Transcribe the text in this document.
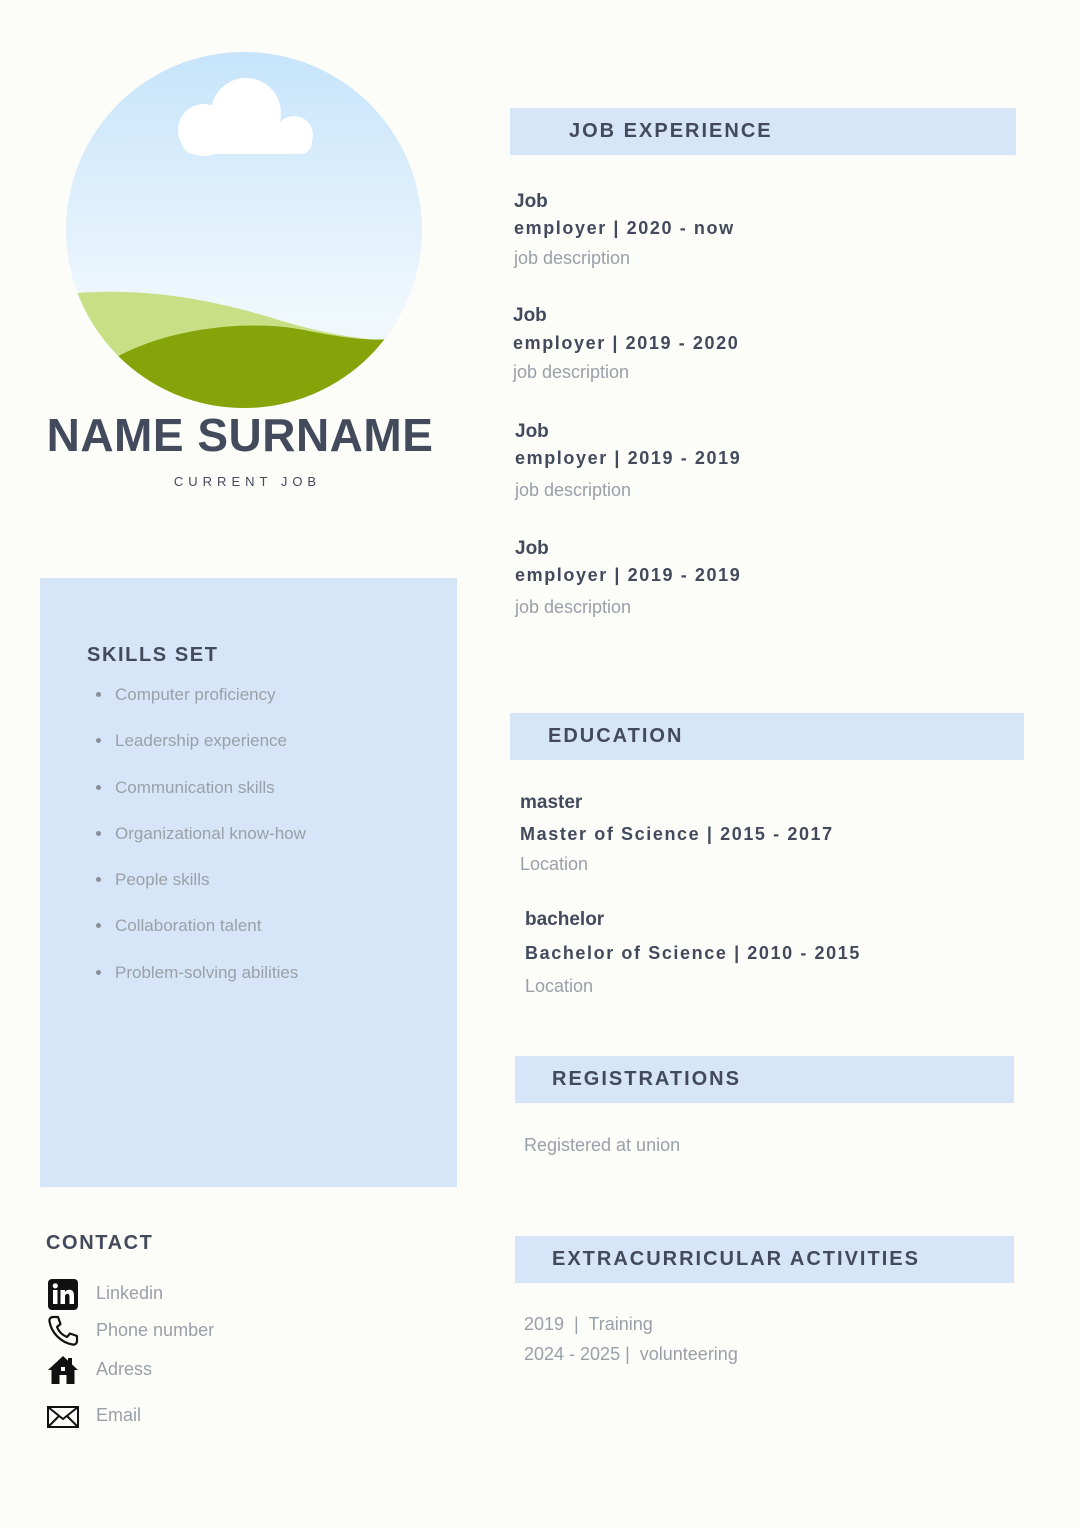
NAME SURNAME
CURRENT JOB
SKILLS SET
Computer proficiency
Leadership experience
Communication skills
Organizational know-how
People skills
Collaboration talent
Problem-solving abilities
CONTACT
Linkedin
Phone number
Adress
Email
JOB EXPERIENCE
Job
employer | 2020 - now
job description
Job
employer | 2019 - 2020
job description
Job
employer | 2019 - 2019
job description
Job
employer | 2019 - 2019
job description
EDUCATION
master
Master of Science | 2015 - 2017
Location
bachelor
Bachelor of Science | 2010 - 2015
Location
REGISTRATIONS
Registered at union
EXTRACURRICULAR ACTIVITIES
2019  |  Training
2024 - 2025 |  volunteering
